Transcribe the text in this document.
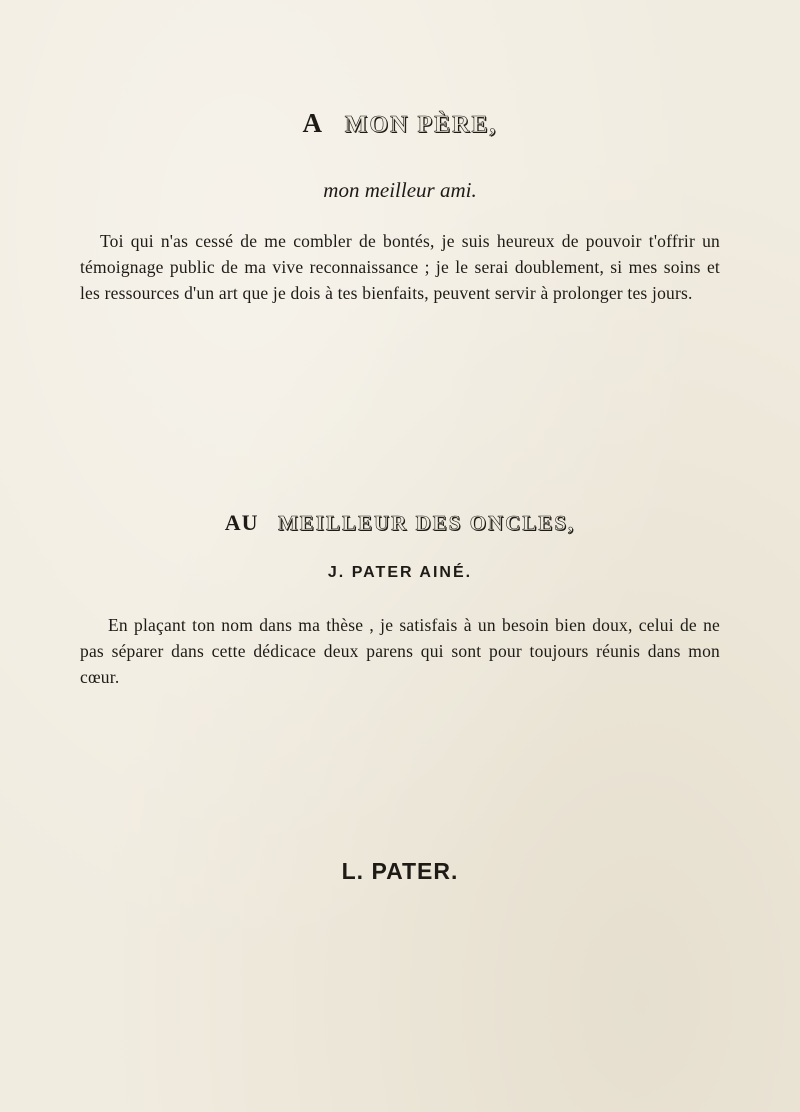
A MON PÈRE,
mon meilleur ami.
Toi qui n'as cessé de me combler de bontés, je suis heureux de pouvoir t'offrir un témoignage public de ma vive reconnaissance ; je le serai doublement, si mes soins et les ressources d'un art que je dois à tes bienfaits, peuvent servir à prolonger tes jours.
AU MEILLEUR DES ONCLES,
J. PATER AINÉ.
En plaçant ton nom dans ma thèse , je satisfais à un besoin bien doux, celui de ne pas séparer dans cette dédicace deux parens qui sont pour toujours réunis dans mon cœur.
L. PATER.
